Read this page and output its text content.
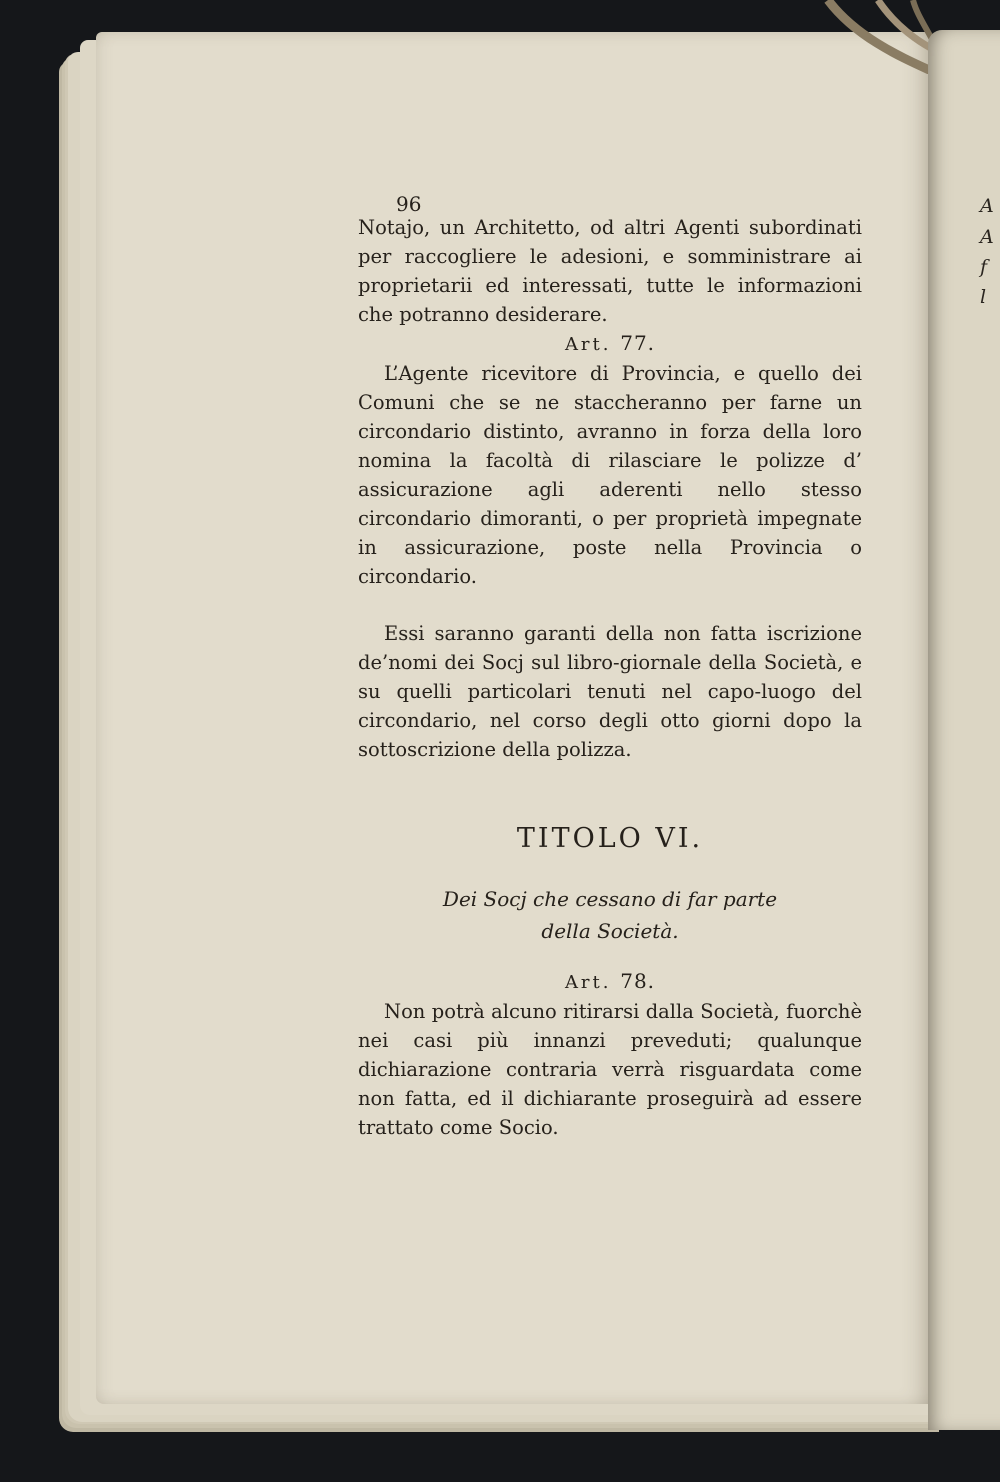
A
A
f
l
96

Notajo, un Architetto, od altri Agenti subordinati per raccogliere le adesioni, e somministrare ai proprietarii ed interessati, tutte le informazioni che potranno desiderare.

Art. 77.

L’Agente ricevitore di Provincia, e quello dei Comuni che se ne staccheranno per farne un circondario distinto, avranno in forza della loro nomina la facoltà di rilasciare le polizze d’ assicurazione agli aderenti nello stesso circondario dimoranti, o per proprietà impegnate in assicurazione, poste nella Provincia o circondario.

Essi saranno garanti della non fatta iscrizione de’nomi dei Socj sul libro-giornale della Società, e su quelli particolari tenuti nel capo-luogo del circondario, nel corso degli otto giorni dopo la sottoscrizione della polizza.

TITOLO VI.
Dei Socj che cessano di far parte
della Società.
Art. 78.

Non potrà alcuno ritirarsi dalla Società, fuorchè nei casi più innanzi preveduti; qualunque dichiarazione contraria verrà risguardata come non fatta, ed il dichiarante proseguirà ad essere trattato come Socio.
